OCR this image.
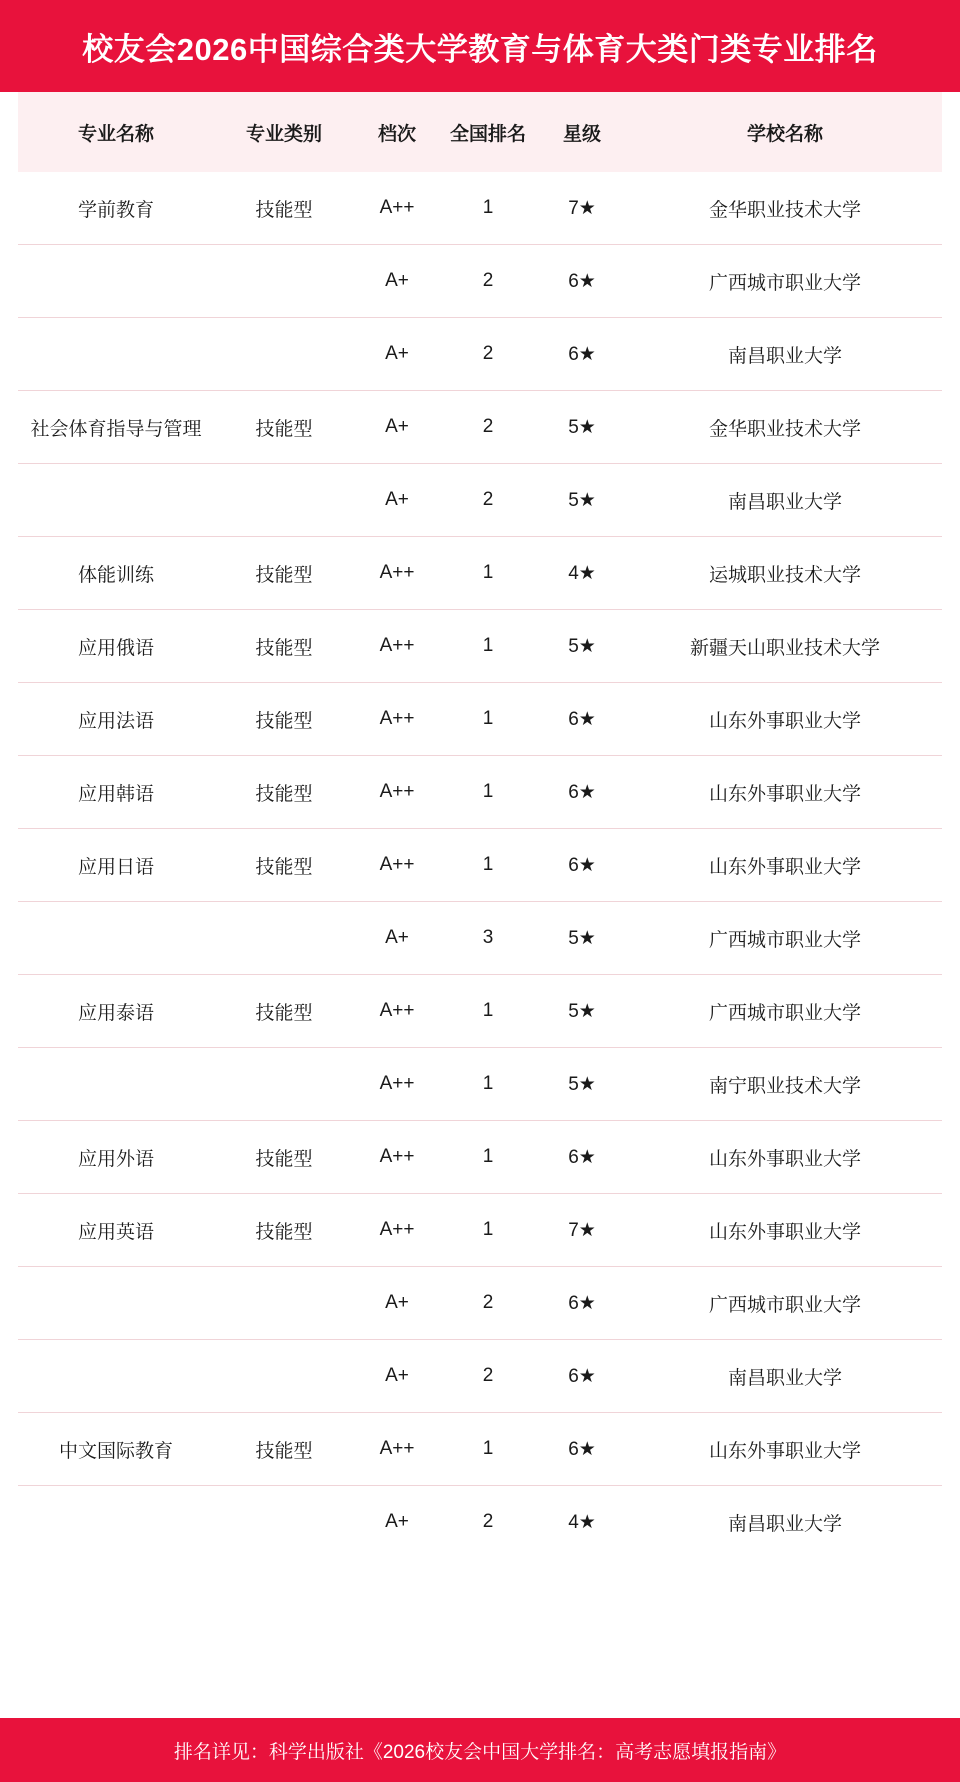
校友会2026中国综合类大学教育与体育大类门类专业排名
专业名称	专业类别	档次	全国排名	星级	学校名称
学前教育	技能型	A++	1	7★	金华职业技术大学
		A+	2	6★	广西城市职业大学
		A+	2	6★	南昌职业大学
社会体育指导与管理	技能型	A+	2	5★	金华职业技术大学
		A+	2	5★	南昌职业大学
体能训练	技能型	A++	1	4★	运城职业技术大学
应用俄语	技能型	A++	1	5★	新疆天山职业技术大学
应用法语	技能型	A++	1	6★	山东外事职业大学
应用韩语	技能型	A++	1	6★	山东外事职业大学
应用日语	技能型	A++	1	6★	山东外事职业大学
		A+	3	5★	广西城市职业大学
应用泰语	技能型	A++	1	5★	广西城市职业大学
		A++	1	5★	南宁职业技术大学
应用外语	技能型	A++	1	6★	山东外事职业大学
应用英语	技能型	A++	1	7★	山东外事职业大学
		A+	2	6★	广西城市职业大学
		A+	2	6★	南昌职业大学
中文国际教育	技能型	A++	1	6★	山东外事职业大学
		A+	2	4★	南昌职业大学
排名详见：科学出版社《2026校友会中国大学排名：高考志愿填报指南》
